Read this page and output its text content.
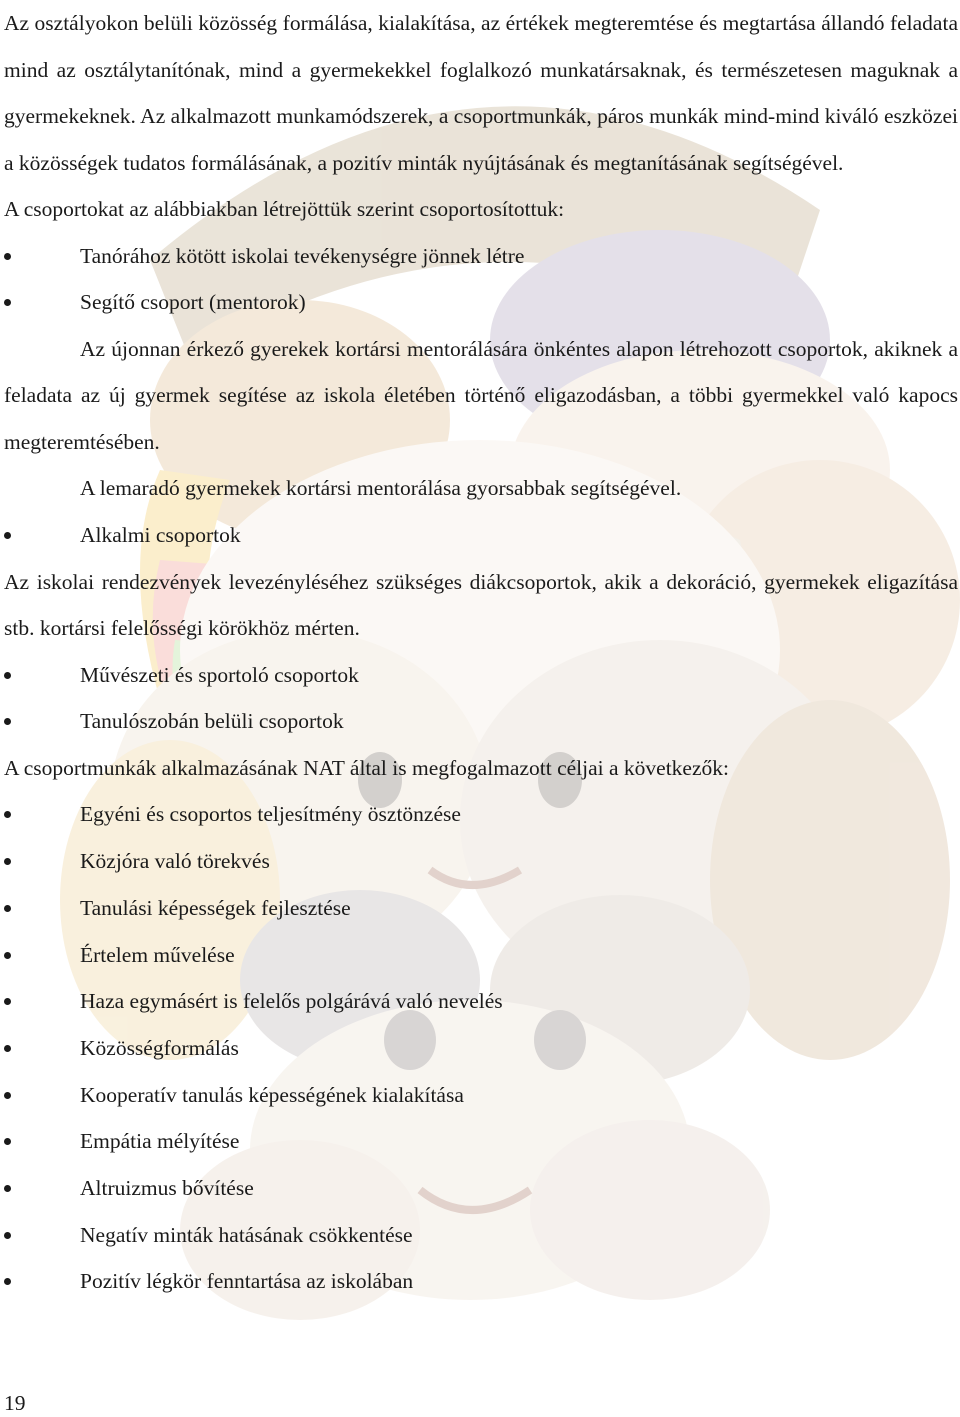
Az osztályokon belüli közösség formálása, kialakítása, az értékek megteremtése és megtartása állandó feladata mind az osztálytanítónak, mind a gyermekekkel foglalkozó munkatársaknak, és természetesen maguknak a gyermekeknek. Az alkalmazott munkamódszerek, a csoportmunkák, páros munkák mind-mind kiváló eszközei a közösségek tudatos formálásának, a pozitív minták nyújtásának és megtanításának segítségével.

A csoportokat az alábbiakban létrejöttük szerint csoportosítottuk:

Tanórához kötött iskolai tevékenységre jönnek létre
Segítő csoport (mentorok)

Az újonnan érkező gyerekek kortársi mentorálására önkéntes alapon létrehozott csoportok, akiknek a feladata az új gyermek segítése az iskola életében történő eligazodásban, a többi gyermekkel való kapocs megteremtésében.

A lemaradó gyermekek kortársi mentorálása gyorsabbak segítségével.

Alkalmi csoportok

Az iskolai rendezvények levezényléséhez szükséges diákcsoportok, akik a dekoráció, gyermekek eligazítása stb. kortársi felelősségi körökhöz mérten.

Művészeti és sportoló csoportok
Tanulószobán belüli csoportok

A csoportmunkák alkalmazásának NAT által is megfogalmazott céljai a következők:

Egyéni és csoportos teljesítmény ösztönzése
Közjóra való törekvés
Tanulási képességek fejlesztése
Értelem művelése
Haza egymásért is felelős polgárává való nevelés
Közösségformálás
Kooperatív tanulás képességének kialakítása
Empátia mélyítése
Altruizmus bővítése
Negatív minták hatásának csökkentése
Pozitív légkör fenntartása az iskolában
19
